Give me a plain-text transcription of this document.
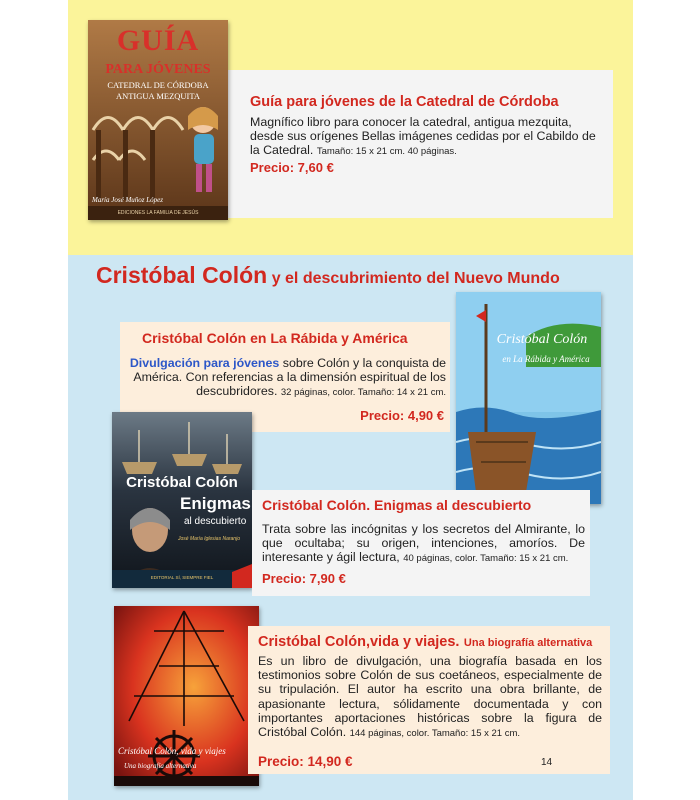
GUÍA
PARA JÓVENES
CATEDRAL DE CÓRDOBA
ANTIGUA MEZQUITA
María José Muñoz López
EDICIONES LA FAMILIA DE JESÚS
Guía para jóvenes de la Catedral de Córdoba
Magnífico libro para conocer la catedral, antigua mezquita, desde sus orígenes Bellas imágenes cedidas por el Cabildo de la Catedral. Tamaño: 15 x 21 cm. 40 páginas.
Precio: 7,60 €
Cristóbal Colón y el descubrimiento del Nuevo Mundo
Cristóbal Colón en La Rábida y América
Divulgación para jóvenes sobre Colón y la conquista de América. Con referencias a la dimensión espiritual de los descubridores. 32 páginas, color. Tamaño: 14 x 21 cm.
Precio: 4,90 €
Cristóbal Colón
en La Rábida y América
Cristóbal Colón
Enigmas
al descubierto
José María Iglesias Naranjo
EDITORIAL SÍ, SIEMPRE FIEL
Cristóbal Colón. Enigmas al descubierto
Trata sobre las incógnitas y los secretos del Almirante, lo que ocultaba; su origen, intenciones, amoríos. De interesante y ágil lectura, 40 páginas, color. Tamaño: 15 x 21 cm.
Precio: 7,90 €
Cristóbal Colón, vida y viajes
Una biografía alternativa
Cristóbal Colón,vida y viajes. Una biografía alternativa
Es un libro de divulgación, una biografía basada en los testimonios sobre Colón de sus coetáneos, especialmente de su tripulación. El autor ha escrito una obra brillante, de apasionante lectura, sólidamente documentada y con importantes aportaciones históricas sobre la figura de Cristóbal Colón. 144 páginas, color. Tamaño: 15 x 21 cm.
Precio: 14,90 €	14
